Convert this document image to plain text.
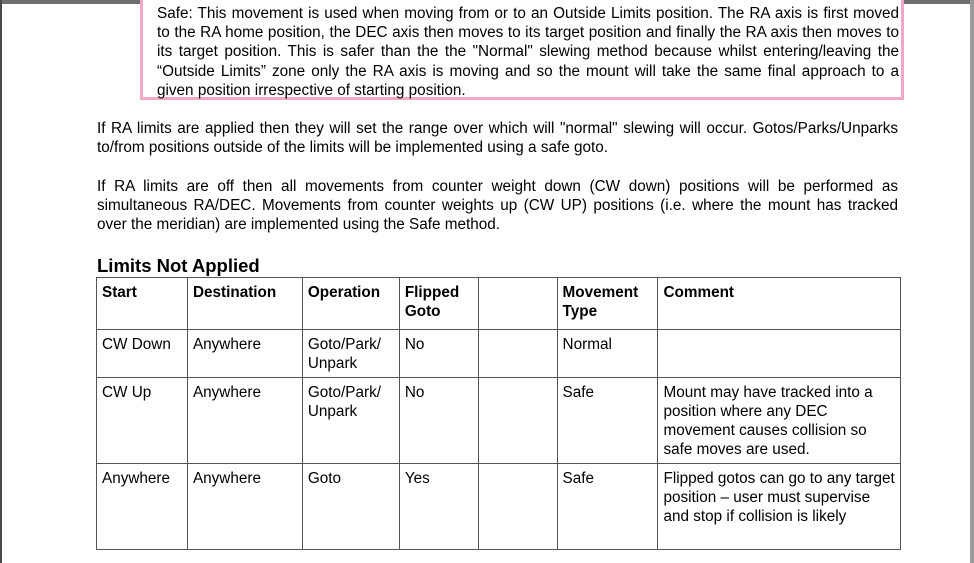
Safe: This movement is used when moving from or to an Outside Limits position. The RA axis is first moved to the RA home position, the DEC axis then moves to its target position and finally the RA axis then moves to its target position. This is safer than the the "Normal" slewing method because whilst entering/leaving the “Outside Limits” zone only the RA axis is moving and so the mount will take the same final approach to a given position irrespective of starting position.

If RA limits are applied then they will set the range over which will "normal" slewing will occur. Gotos/Parks/Unparks to/from positions outside of the limits will be implemented using a safe goto.

If RA limits are off then all movements from counter weight down (CW down) positions will be performed as simultaneous RA/DEC. Movements from counter weights up (CW UP) positions (i.e. where the mount has tracked over the meridian) are implemented using the Safe method.

Limits Not Applied
Start	Destination	Operation	Flipped Goto		Movement Type	Comment
CW Down	Anywhere	Goto/Park/ Unpark	No		Normal	
CW Up	Anywhere	Goto/Park/ Unpark	No		Safe	Mount may have tracked into a position where any DEC movement causes collision so safe moves are used.
Anywhere	Anywhere	Goto	Yes		Safe	Flipped gotos can go to any target position – user must supervise and stop if collision is likely
